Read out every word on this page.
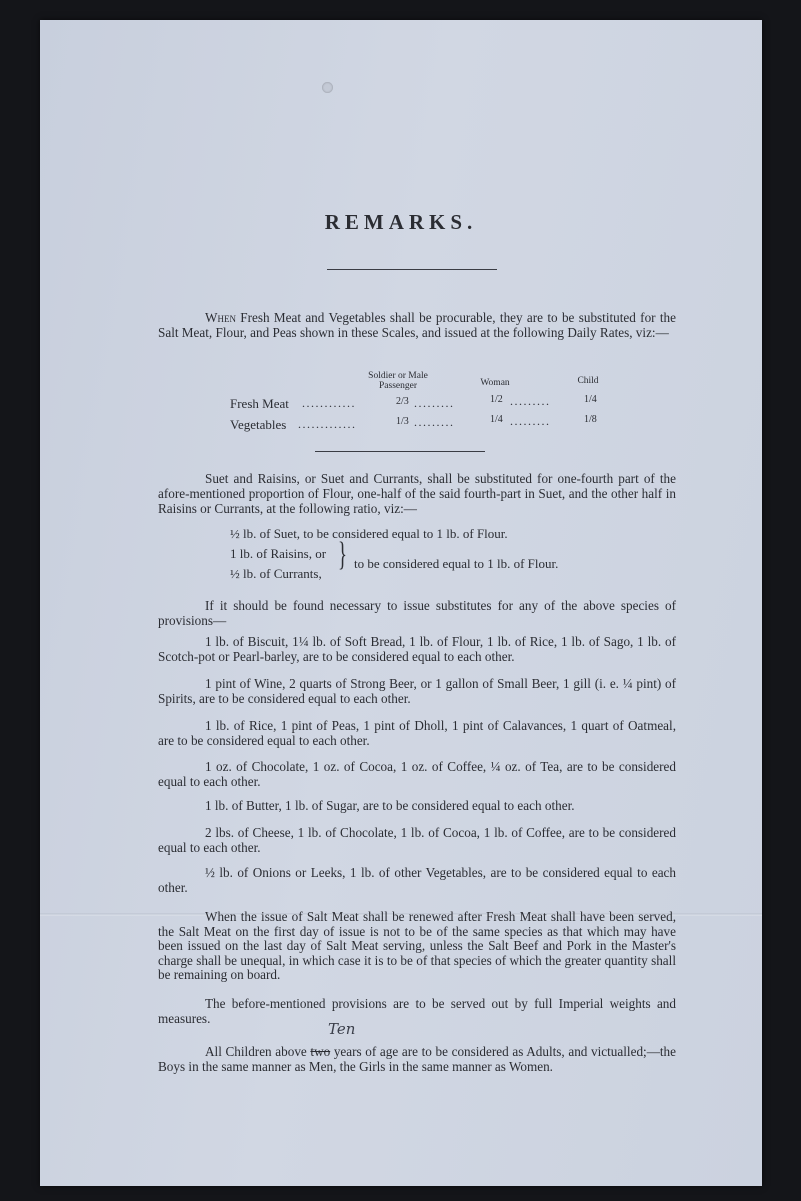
REMARKS.
When Fresh Meat and Vegetables shall be procurable, they are to be substituted for the Salt Meat, Flour, and Peas shown in these Scales, and issued at the following Daily Rates, viz:—
Soldier or Male Passenger	Woman	Child
Fresh Meat ............	2/3 .........	1/2 .........	1/4
Vegetables .............	1/3 .........	1/4 .........	1/8
Suet and Raisins, or Suet and Currants, shall be substituted for one-fourth part of the afore-mentioned proportion of Flour, one-half of the said fourth-part in Suet, and the other half in Raisins or Currants, at the following ratio, viz:—
½ lb. of Suet, to be considered equal to 1 lb. of Flour.
1 lb. of Raisins, or
½ lb. of Currants,
} to be considered equal to 1 lb. of Flour.
If it should be found necessary to issue substitutes for any of the above species of provisions—
1 lb. of Biscuit, 1¼ lb. of Soft Bread, 1 lb. of Flour, 1 lb. of Rice, 1 lb. of Sago, 1 lb. of Scotch-pot or Pearl-barley, are to be considered equal to each other.
1 pint of Wine, 2 quarts of Strong Beer, or 1 gallon of Small Beer, 1 gill (i. e. ¼ pint) of Spirits, are to be considered equal to each other.
1 lb. of Rice, 1 pint of Peas, 1 pint of Dholl, 1 pint of Calavances, 1 quart of Oatmeal, are to be considered equal to each other.
1 oz. of Chocolate, 1 oz. of Cocoa, 1 oz. of Coffee, ¼ oz. of Tea, are to be considered equal to each other.
1 lb. of Butter, 1 lb. of Sugar, are to be considered equal to each other.
2 lbs. of Cheese, 1 lb. of Chocolate, 1 lb. of Cocoa, 1 lb. of Coffee, are to be considered equal to each other.
½ lb. of Onions or Leeks, 1 lb. of other Vegetables, are to be considered equal to each other.
When the issue of Salt Meat shall be renewed after Fresh Meat shall have been served, the Salt Meat on the first day of issue is not to be of the same species as that which may have been issued on the last day of Salt Meat serving, unless the Salt Beef and Pork in the Master's charge shall be unequal, in which case it is to be of that species of which the greater quantity shall be remaining on board.
The before-mentioned provisions are to be served out by full Imperial weights and measures.
Ten
All Children above two years of age are to be considered as Adults, and victualled;—the Boys in the same manner as Men, the Girls in the same manner as Women.
